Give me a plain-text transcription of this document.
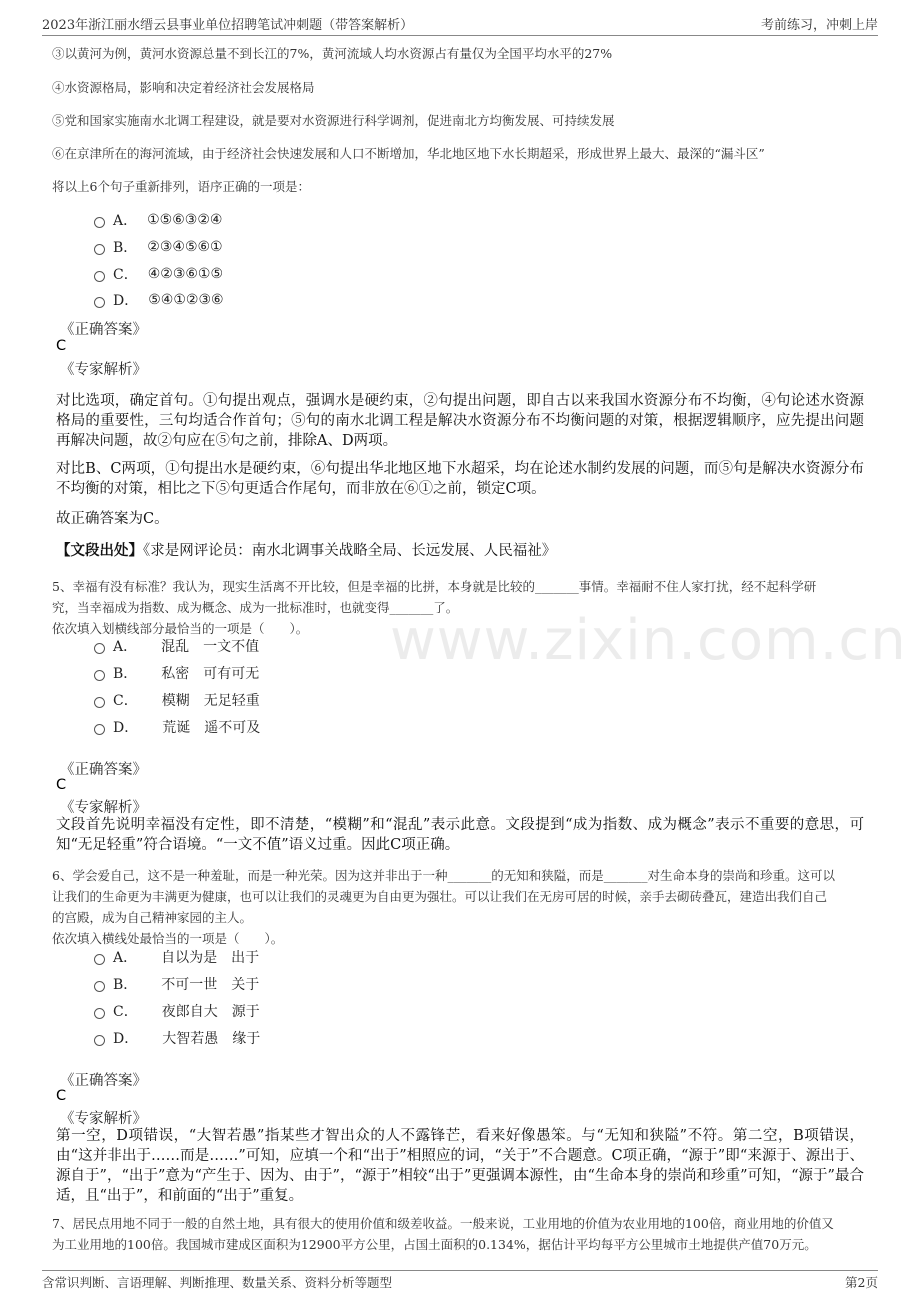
2023年浙江丽水缙云县事业单位招聘笔试冲刺题（带答案解析）	考前练习，冲刺上岸
www.zixin.com.cn
③以黄河为例，黄河水资源总量不到长江的7%，黄河流域人均水资源占有量仅为全国平均水平的27%
④水资源格局，影响和决定着经济社会发展格局
⑤党和国家实施南水北调工程建设，就是要对水资源进行科学调剂，促进南北方均衡发展、可持续发展
⑥在京津所在的海河流域，由于经济社会快速发展和人口不断增加，华北地区地下水长期超采，形成世界上最大、最深的“漏斗区”
将以上6个句子重新排列，语序正确的一项是：
A． ①⑤⑥③②④
B． ②③④⑤⑥①
C． ④②③⑥①⑤
D． ⑤④①②③⑥
《正确答案》
C
《专家解析》
对比选项，确定首句。①句提出观点，强调水是硬约束，②句提出问题，即自古以来我国水资源分布不均衡，④句论述水资源格局的重要性，三句均适合作首句；⑤句的南水北调工程是解决水资源分布不均衡问题的对策，根据逻辑顺序，应先提出问题再解决问题，故②句应在⑤句之前，排除A、D两项。
对比B、C两项，①句提出水是硬约束，⑥句提出华北地区地下水超采，均在论述水制约发展的问题，而⑤句是解决水资源分布不均衡的对策，相比之下⑤句更适合作尾句，而非放在⑥①之前，锁定C项。
故正确答案为C。
【文段出处】《求是网评论员：南水北调事关战略全局、长远发展、人民福祉》
5、幸福有没有标准？我认为，现实生活离不开比较，但是幸福的比拼，本身就是比较的_______事情。幸福耐不住人家打扰，经不起科学研
究，当幸福成为指数、成为概念、成为一批标准时，也就变得_______了。
依次填入划横线部分最恰当的一项是（　　）。
A． 混乱 一文不值
B． 私密 可有可无
C． 模糊 无足轻重
D． 荒诞 遥不可及
《正确答案》
C
《专家解析》
文段首先说明幸福没有定性，即不清楚，“模糊”和“混乱”表示此意。文段提到“成为指数、成为概念”表示不重要的意思，可知“无足轻重”符合语境。“一文不值”语义过重。因此C项正确。
6、学会爱自己，这不是一种羞耻，而是一种光荣。因为这并非出于一种_______的无知和狭隘，而是_______对生命本身的崇尚和珍重。这可以
让我们的生命更为丰满更为健康，也可以让我们的灵魂更为自由更为强壮。可以让我们在无房可居的时候，亲手去砌砖叠瓦，建造出我们自己
的宫殿，成为自己精神家园的主人。
依次填入横线处最恰当的一项是（　　）。
A． 自以为是 出于
B． 不可一世 关于
C． 夜郎自大 源于
D． 大智若愚 缘于
《正确答案》
C
《专家解析》
第一空，D项错误，“大智若愚”指某些才智出众的人不露锋芒，看来好像愚笨。与“无知和狭隘”不符。第二空，B项错误，由“这并非出于……而是……”可知，应填一个和“出于”相照应的词，“关于”不合题意。C项正确，“源于”即“来源于、源出于、源自于”，“出于”意为“产生于、因为、由于”，“源于”相较“出于”更强调本源性，由“生命本身的崇尚和珍重”可知，“源于”最合适，且“出于”，和前面的“出于”重复。
7、居民点用地不同于一般的自然土地，具有很大的使用价值和级差收益。一般来说，工业用地的价值为农业用地的100倍，商业用地的价值又
为工业用地的100倍。我国城市建成区面积为12900平方公里，占国土面积的0.134%，据估计平均每平方公里城市土地提供产值70万元。
含常识判断、言语理解、判断推理、数量关系、资料分析等题型	第2页
